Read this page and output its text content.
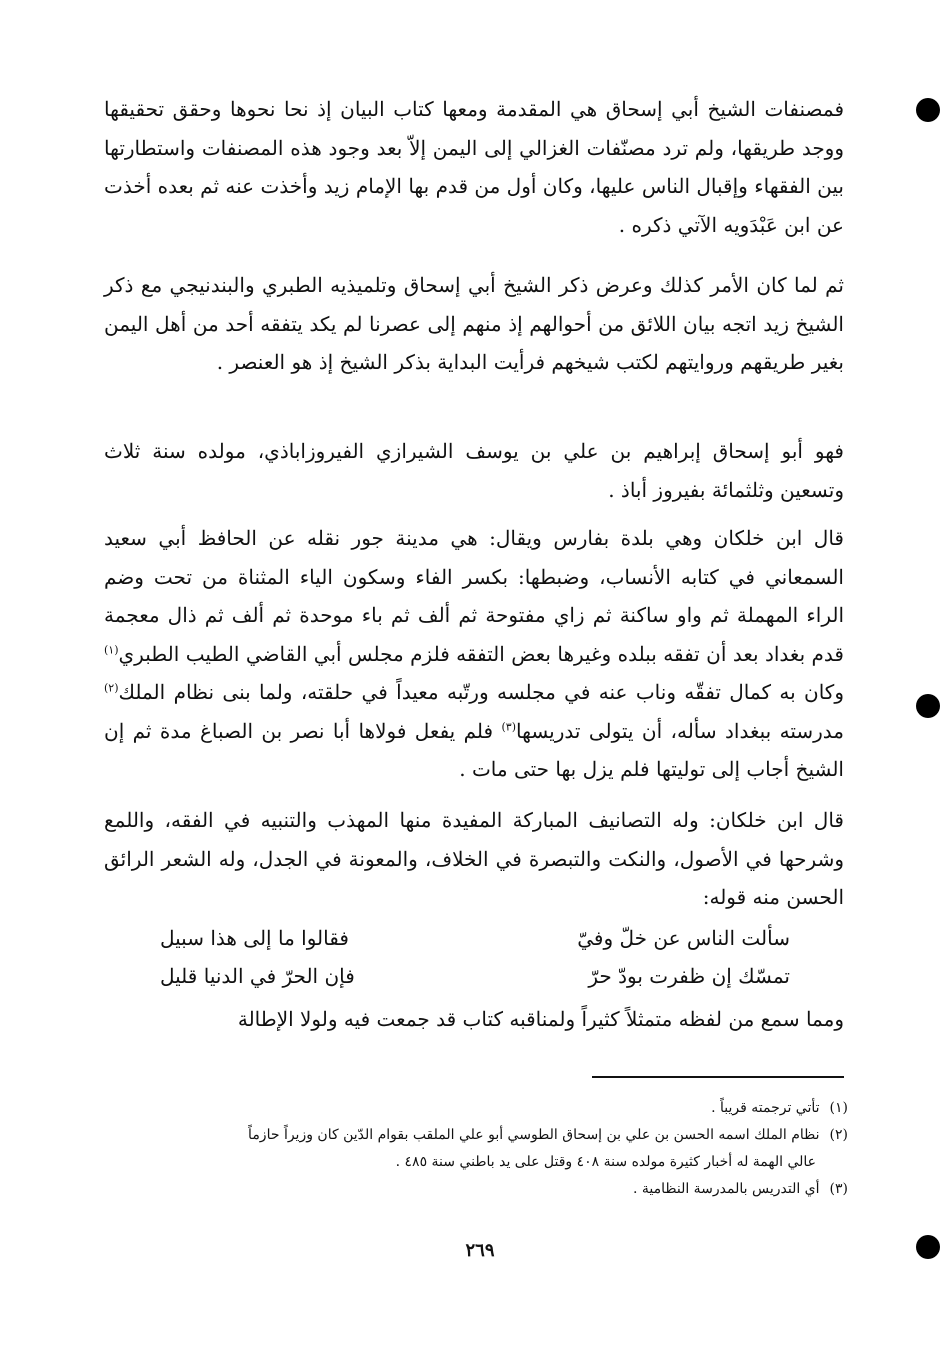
فمصنفات الشيخ أبي إسحاق هي المقدمة ومعها كتاب البيان إذ نحا نحوها وحقق تحقيقها ووجد طريقها، ولم ترد مصنّفات الغزالي إلى اليمن إلاّ بعد وجود هذه المصنفات واستطارتها بين الفقهاء وإقبال الناس عليها، وكان أول من قدم بها الإمام زيد وأخذت عنه ثم بعده أخذت عن ابن عَبْدَويه الآتي ذكره .

ثم لما كان الأمر كذلك وعرض ذكر الشيخ أبي إسحاق وتلميذيه الطبري والبندنيجي مع ذكر الشيخ زيد اتجه بيان اللائق من أحوالهم إذ منهم إلى عصرنا لم يكد يتفقه أحد من أهل اليمن بغير طريقهم وروايتهم لكتب شيخهم فرأيت البداية بذكر الشيخ إذ هو العنصر .

فهو أبو إسحاق إبراهيم بن علي بن يوسف الشيرازي الفيروزاباذي، مولده سنة ثلاث وتسعين وثلثمائة بفيروز أباذ .

قال ابن خلكان وهي بلدة بفارس ويقال: هي مدينة جور نقله عن الحافظ أبي سعيد السمعاني في كتابه الأنساب، وضبطها: بكسر الفاء وسكون الياء المثناة من تحت وضم الراء المهملة ثم واو ساكنة ثم زاي مفتوحة ثم ألف ثم باء موحدة ثم ألف ثم ذال معجمة قدم بغداد بعد أن تفقه ببلده وغيرها بعض التفقه فلزم مجلس أبي القاضي الطيب الطبري$^{(١)}$ وكان به كمال تفقّه وناب عنه في مجلسه ورتّبه معيداً في حلقته، ولما بنى نظام الملك$^{(٢)}$ مدرسته ببغداد سأله، أن يتولى تدريسها$^{(٣)}$ فلم يفعل فولاها أبا نصر بن الصباغ مدة ثم إن الشيخ أجاب إلى توليتها فلم يزل بها حتى مات .

قال ابن خلكان: وله التصانيف المباركة المفيدة منها المهذب والتنبيه في الفقه، واللمع وشرحها في الأصول، والنكت والتبصرة في الخلاف، والمعونة في الجدل، وله الشعر الرائق الحسن منه قوله:

سألت الناس عن خلّ وفيّ
فقالوا ما إلى هذا سبيل
تمسّك إن ظفرت بودّ حرّ
فإن الحرّ في الدنيا قليل

ومما سمع من لفظه متمثلاً كثيراً ولمناقبه كتاب قد جمعت فيه ولولا الإطالة

(١)تأتي ترجمته قريباً .

(٢)نظام الملك اسمه الحسن بن علي بن إسحاق الطوسي أبو علي الملقب بقوام الدّين كان وزيراً حازماً

عالي الهمة له أخبار كثيرة مولده سنة ٤٠٨ وقتل على يد باطني سنة ٤٨٥ .

(٣)أي التدريس بالمدرسة النظامية .

٢٦٩
